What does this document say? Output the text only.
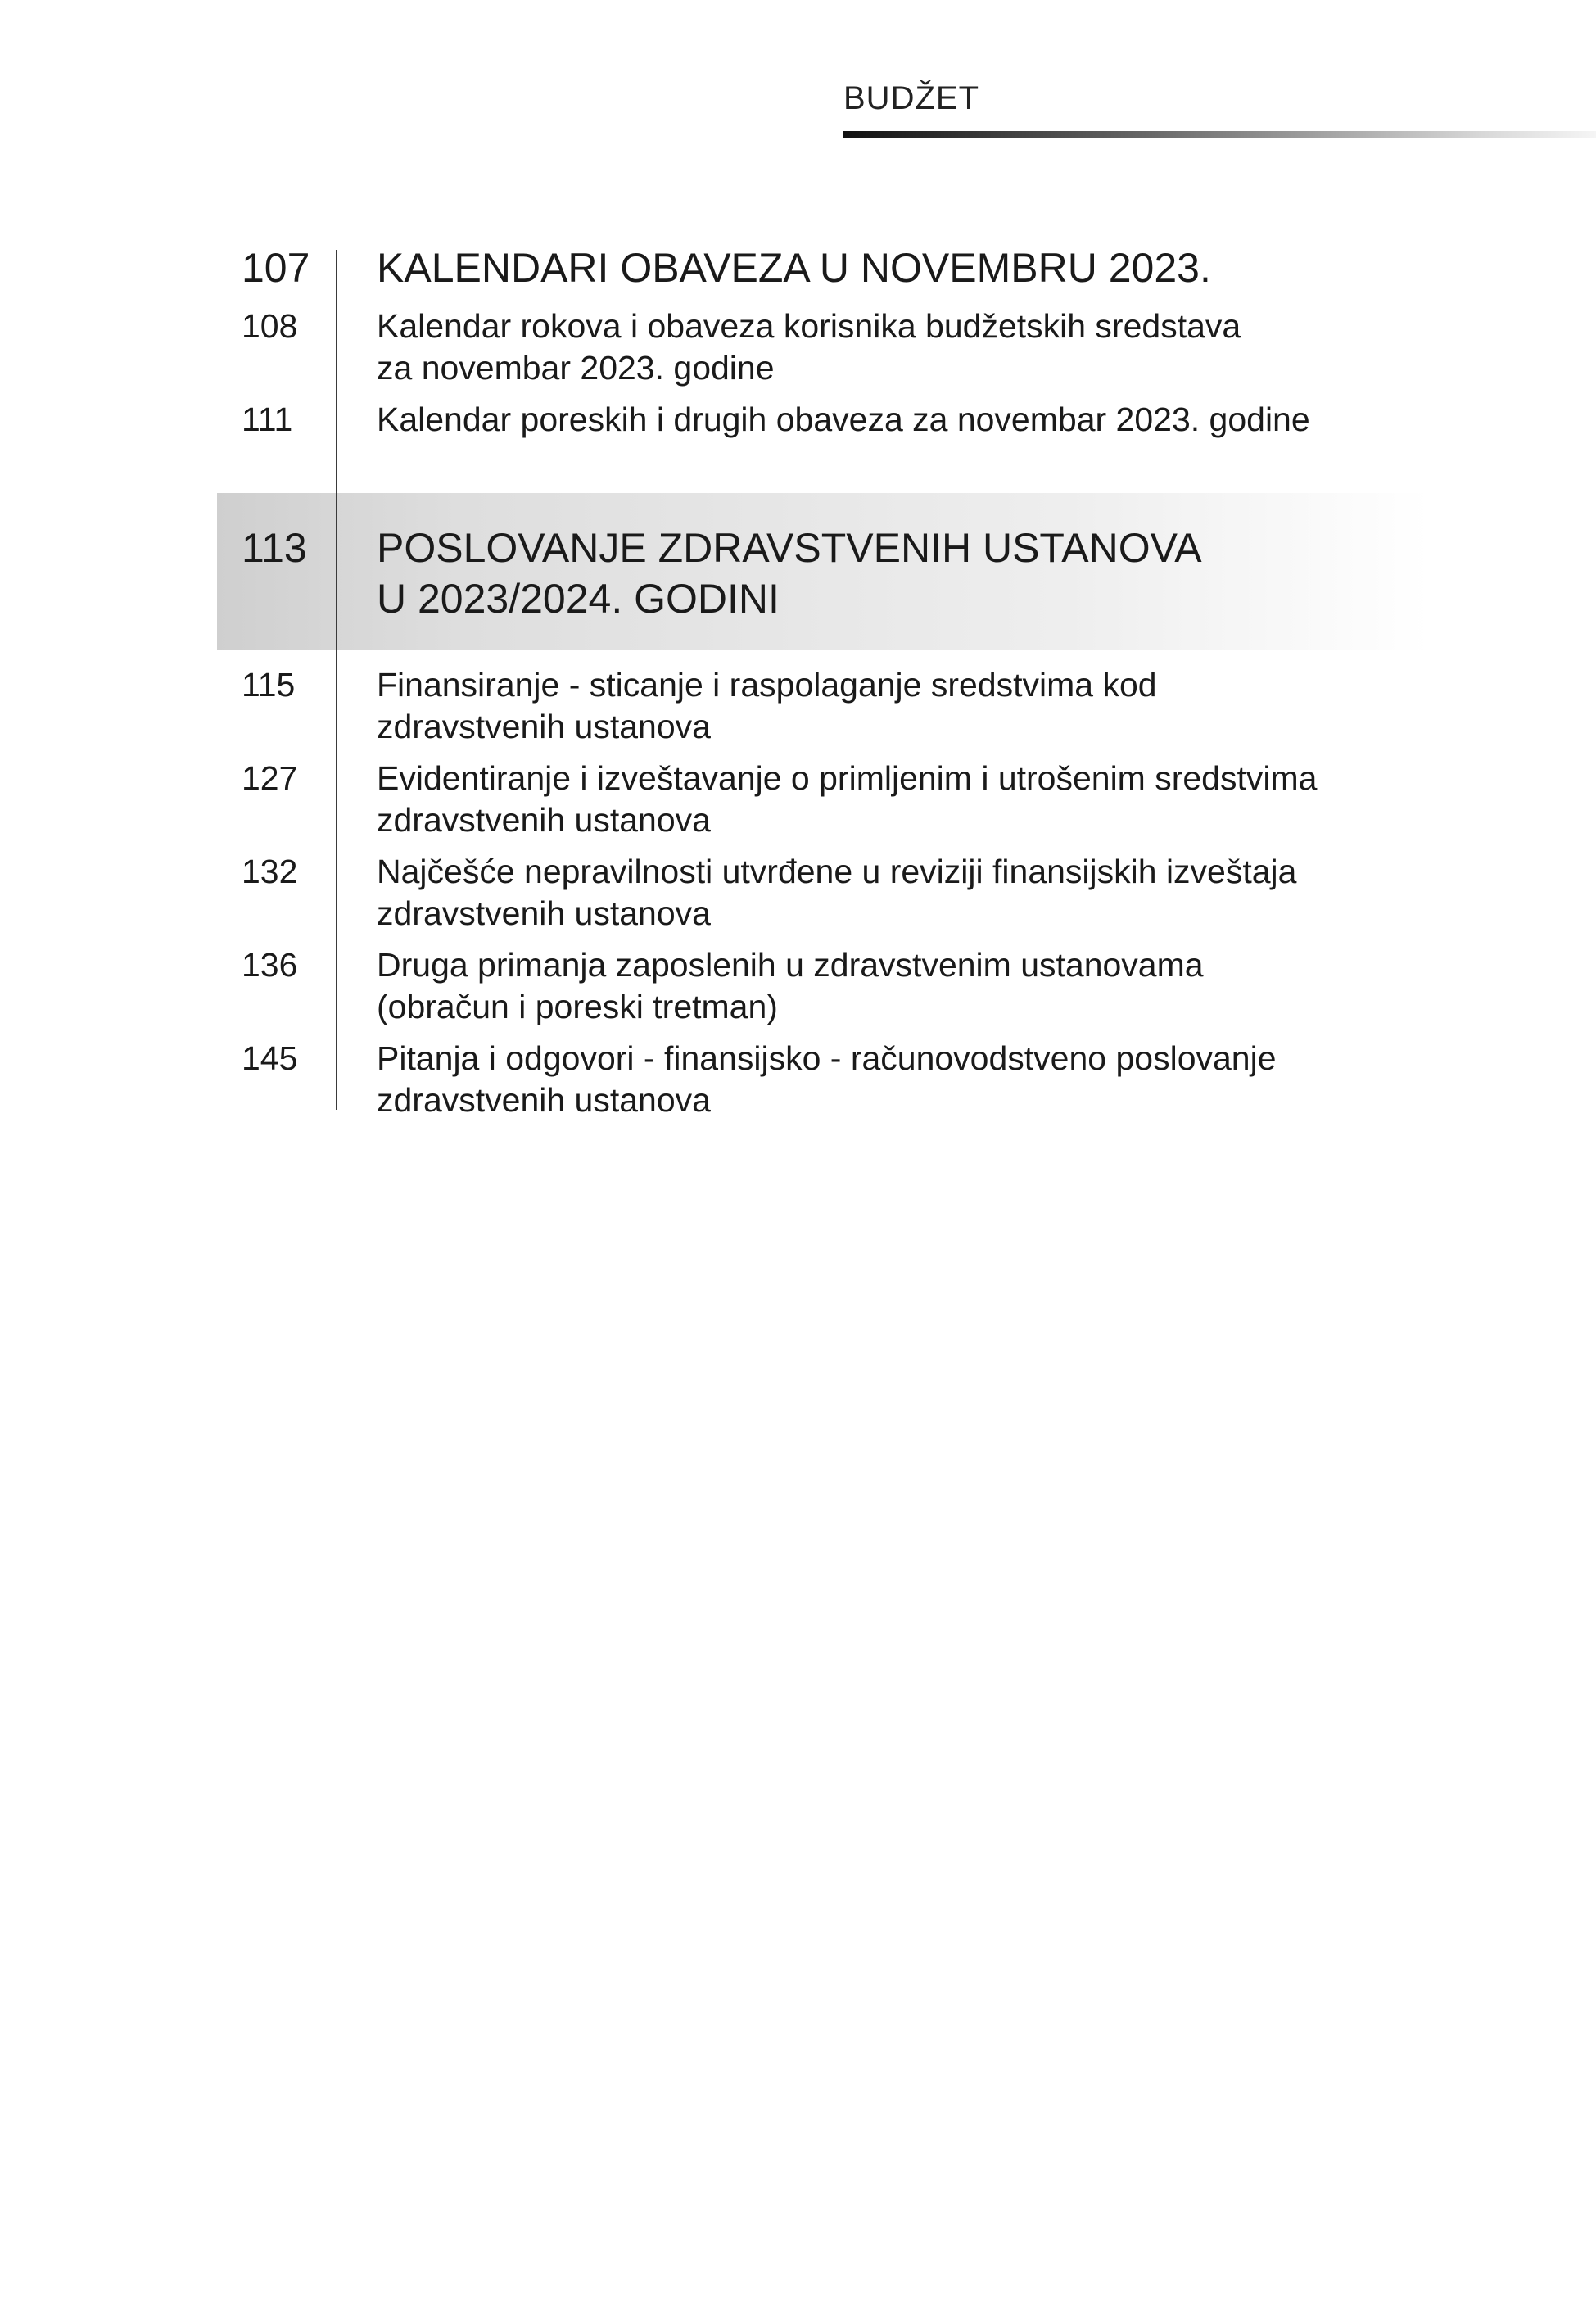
BUDŽET
107 KALENDARI OBAVEZA U NOVEMBRU 2023.
108 Kalendar rokova i obaveza korisnika budžetskih sredstava
za novembar 2023. godine
111	Kalendar poreskih i drugih obaveza za novembar 2023. godine
113 POSLOVANJE ZDRAVSTVENIH USTANOVA
U 2023/2024. GODINI
115 Finansiranje - sticanje i raspolaganje sredstvima kod
zdravstvenih ustanova
127 Evidentiranje i izveštavanje o primljenim i utrošenim sredstvima
zdravstvenih ustanova
132 Najčešće nepravilnosti utvrđene u reviziji finansijskih izveštaja
zdravstvenih ustanova
136 Druga primanja zaposlenih u zdravstvenim ustanovama
(obračun i poreski tretman)
145 Pitanja i odgovori - finansijsko - računovodstveno poslovanje
zdravstvenih ustanova
